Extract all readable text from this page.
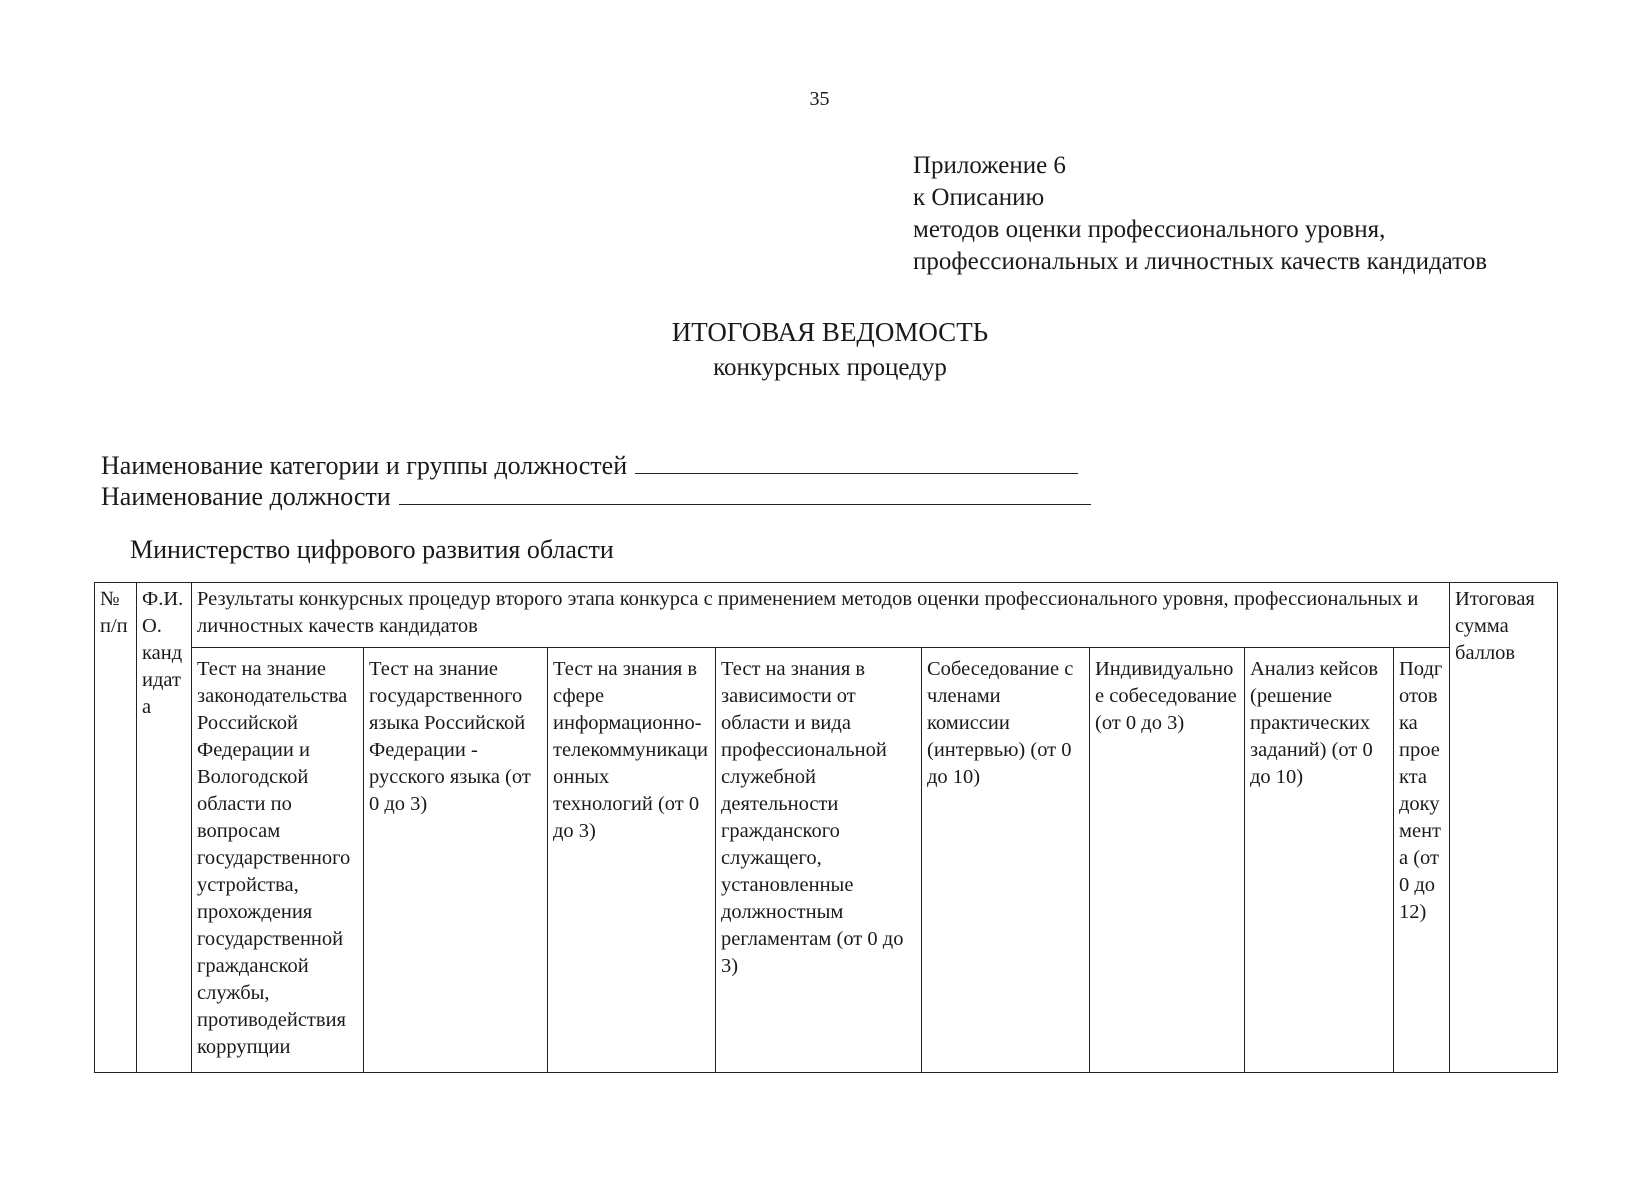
35
Приложение 6
к Описанию
методов оценки профессионального уровня,
профессиональных и личностных качеств кандидатов
ИТОГОВАЯ ВЕДОМОСТЬ
конкурсных процедур
Наименование категории и группы должностей
Наименование должности
Министерство цифрового развития области
№ п/п	Ф.И.О. кандидата	Результаты конкурсных процедур второго этапа конкурса с применением методов оценки профессионального уровня, профессиональных и личностных качеств кандидатов								Итоговая сумма баллов
		Тест на знание законодательства Российской Федерации и Вологодской области по вопросам государственного устройства, прохождения государственной гражданской службы, противодействия коррупции	Тест на знание государственного языка Российской Федерации - русского языка (от 0 до 3)	Тест на знания в сфере информационно-телекоммуникационных технологий (от 0 до 3)	Тест на знания в зависимости от области и вида профессиональной служебной деятельности гражданского служащего, установленные должностным регламентам (от 0 до 3)	Собеседование с членами комиссии (интервью) (от 0 до 10)	Индивидуальное собеседование (от 0 до 3)	Анализ кейсов (решение практических заданий) (от 0 до 10)	Подготовка проекта документа (от 0 до 12)	
